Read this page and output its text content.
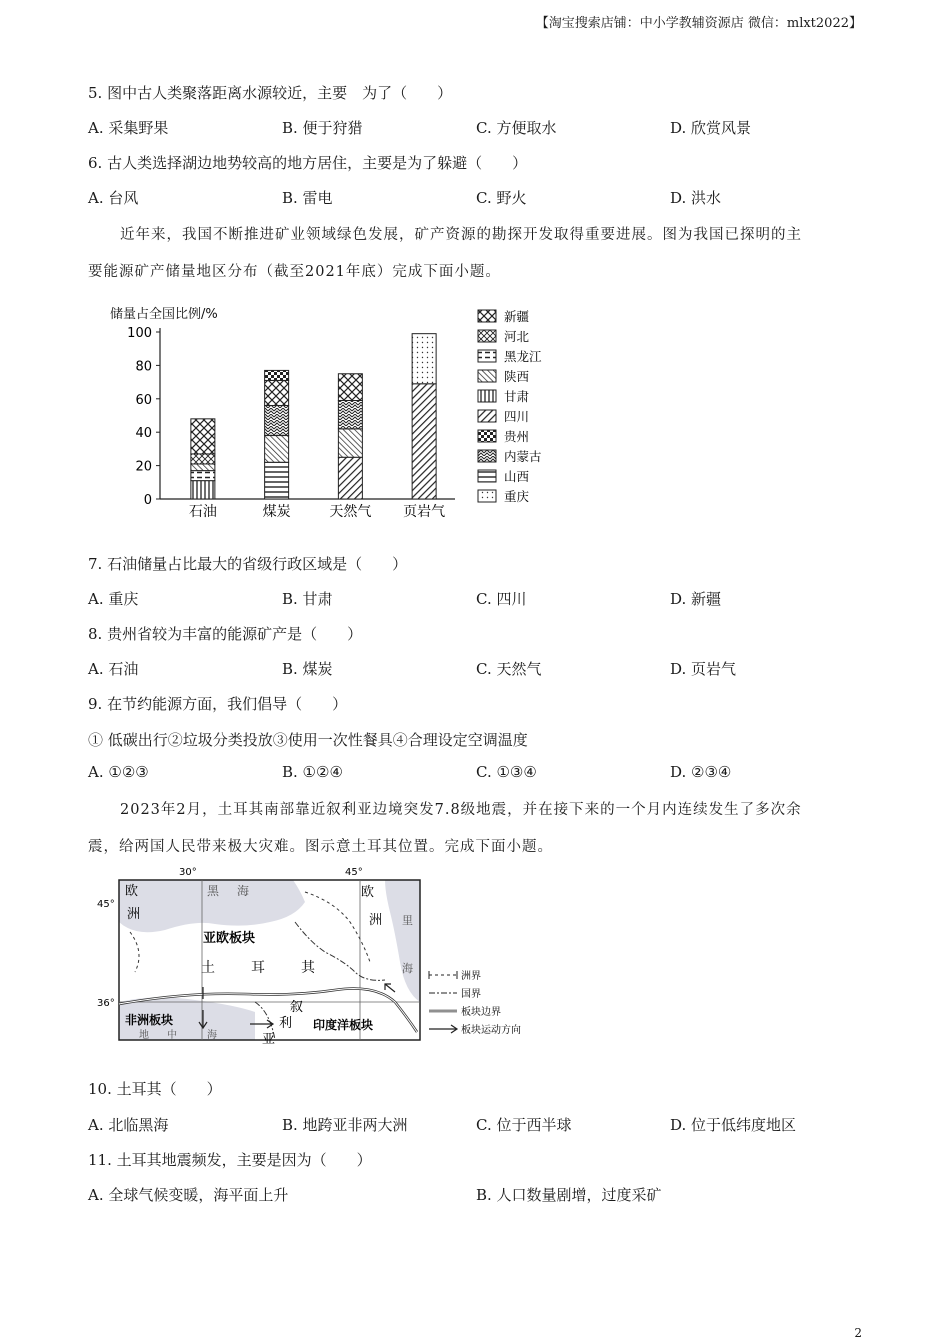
【淘宝搜索店铺：中小学教辅资源店 微信：mlxt2022】
5. 图中古人类聚落距离水源较近，主要　为了（　　）
A. 采集野果	B. 便于狩猎	C. 方便取水	D. 欣赏风景
6. 古人类选择湖边地势较高的地方居住，主要是为了躲避（　　）
A. 台风	B. 雷电	C. 野火	D. 洪水
近年来，我国不断推进矿业领域绿色发展，矿产资源的勘探开发取得重要进展。图为我国已探明的主
要能源矿产储量地区分布（截至2021年底）完成下面小题。
储量占全国比例/%
0
20
40
60
80
100
石油	煤炭	天然气 页岩气
新疆
河北
黑龙江
陕西
甘肃
四川
贵州
内蒙古
山西
重庆
7. 石油储量占比最大的省级行政区域是（　　）
A. 重庆	B. 甘肃	C. 四川	D. 新疆
8. 贵州省较为丰富的能源矿产是（　　）
A. 石油	B. 煤炭	C. 天然气	D. 页岩气
9. 在节约能源方面，我们倡导（　　）
① 低碳出行②垃圾分类投放③使用一次性餐具④合理设定空调温度
A. ①②③	B. ①②④	C. ①③④	D. ②③④
2023年2月，土耳其南部靠近叙利亚边境突发7.8级地震，并在接下来的一个月内连续发生了多次余
震，给两国人民带来极大灾难。图示意土耳其位置。完成下面小题。
30°	45°
45°
36°
欧
洲
黑 海	欧
洲 里
海
亚欧板块
土	耳	其
叙
利
亚
非洲板块
地 中	海
印度洋板块
洲界
国界
板块边界
板块运动方向
10. 土耳其（　　）
A. 北临黑海	B. 地跨亚非两大洲	C. 位于西半球	D. 位于低纬度地区
11. 土耳其地震频发，主要是因为（　　）
A. 全球气候变暖，海平面上升	B. 人口数量剧增，过度采矿
2
